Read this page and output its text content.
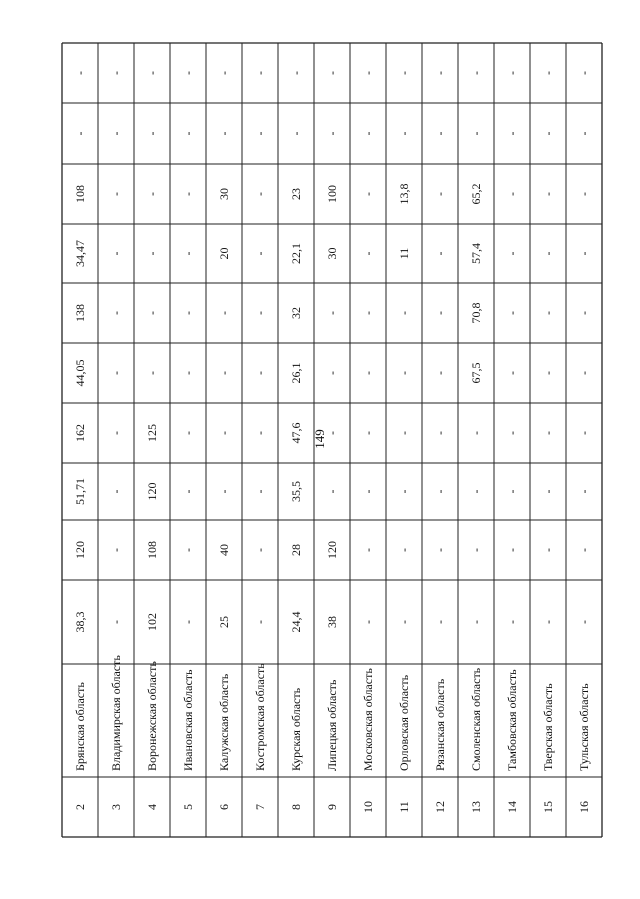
149
2
Брянская область
38,3
120
51,71
162
44,05
138
34,47
108
-
-
3
Владимирская область
-
-
-
-
-
-
-
-
-
-
4
Воронежская область
102
108
120
125
-
-
-
-
-
-
5
Ивановская область
-
-
-
-
-
-
-
-
-
-
6
Калужская область
25
40
-
-
-
-
20
30
-
-
7
Костромская область
-
-
-
-
-
-
-
-
-
-
8
Курская область
24,4
28
35,5
47,6
26,1
32
22,1
23
-
-
9
Липецкая область
38
120
-
-
-
-
30
100
-
-
10
Московская область
-
-
-
-
-
-
-
-
-
-
11
Орловская область
-
-
-
-
-
-
11
13,8
-
-
12
Рязанская область
-
-
-
-
-
-
-
-
-
-
13
Смоленская область
-
-
-
-
67,5
70,8
57,4
65,2
-
-
14
Тамбовская область
-
-
-
-
-
-
-
-
-
-
15
Тверская область
-
-
-
-
-
-
-
-
-
-
16
Тульская область
-
-
-
-
-
-
-
-
-
-
